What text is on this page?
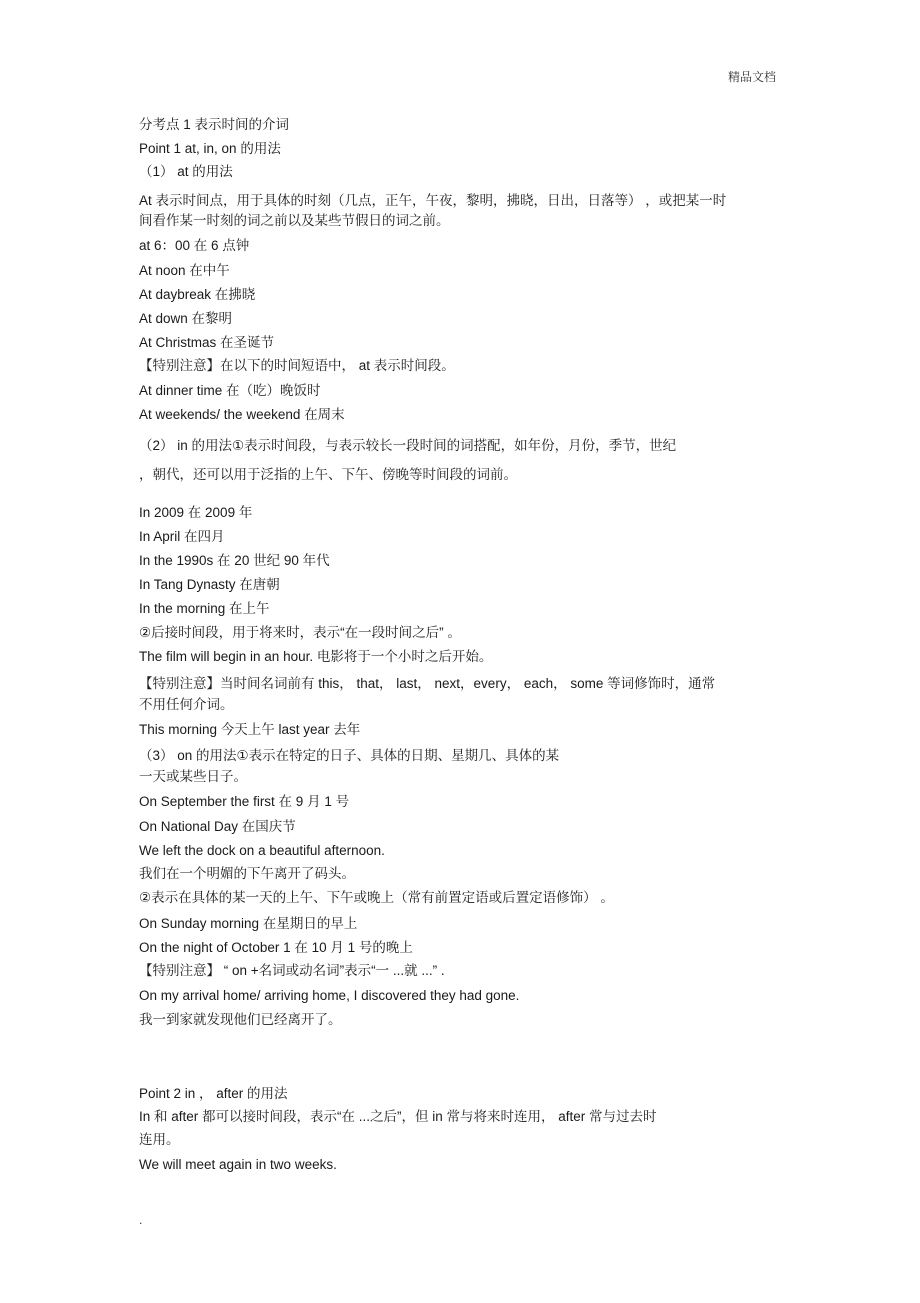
精品文档
分考点 1 表示时间的介词
Point 1 at, in, on 的用法
（1） at 的用法
At 表示时间点，用于具体的时刻（几点，正午，午夜，黎明，拂晓，日出，日落等） ，或把某一时
间看作某一时刻的词之前以及某些节假日的词之前。
at 6：00 在 6 点钟
At noon 在中午
At daybreak 在拂晓
At down 在黎明
At Christmas 在圣诞节
【特别注意】在以下的时间短语中， at 表示时间段。
At dinner time 在（吃）晚饭时
At weekends/ the weekend 在周末
（2） in 的用法①表示时间段，与表示较长一段时间的词搭配，如年份，月份，季节，世纪
，朝代，还可以用于泛指的上午、下午、傍晚等时间段的词前。
In 2009 在 2009 年
In April 在四月
In the 1990s 在 20 世纪 90 年代
In Tang Dynasty 在唐朝
In the morning 在上午
②后接时间段，用于将来时，表示“在一段时间之后” 。
The film will begin in an hour. 电影将于一个小时之后开始。
【特别注意】当时间名词前有 this， that， last， next，every， each， some 等词修饰时，通常
不用任何介词。
This morning 今天上午 last year 去年
（3） on 的用法①表示在特定的日子、具体的日期、星期几、具体的某
一天或某些日子。
On September the first 在 9 月 1 号
On National Day 在国庆节
We left the dock on a beautiful afternoon.
我们在一个明媚的下午离开了码头。
②表示在具体的某一天的上午、下午或晚上（常有前置定语或后置定语修饰） 。
On Sunday morning 在星期日的早上
On the night of October 1 在 10 月 1 号的晚上
【特别注意】 “ on +名词或动名词”表示“一 ...就 ...” .
On my arrival home/ arriving home, I discovered they had gone.
我一到家就发现他们已经离开了。
Point 2 in ， after 的用法
In 和 after 都可以接时间段，表示“在 ...之后”，但 in 常与将来时连用， after 常与过去时
连用。
We will meet again in two weeks.
.
